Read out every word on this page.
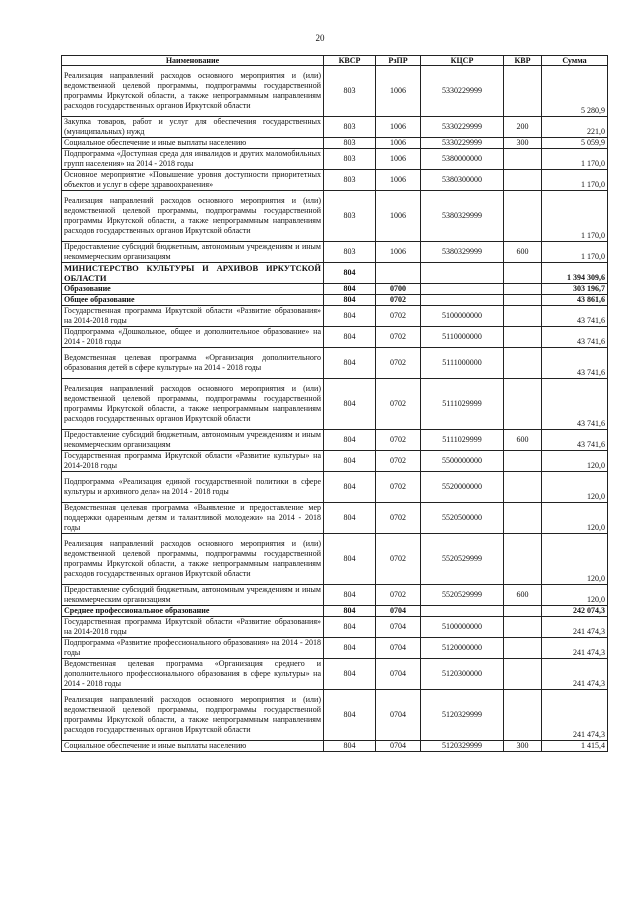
20
Наименование	КВСР	РзПР	КЦСР	КВР	Сумма
Реализация направлений расходов основного мероприятия и (или) ведомственной целевой программы, подпрограммы государственной программы Иркутской области, а также непрограммным направлениям расходов государственных органов Иркутской области	803	1006	5330229999		5 280,9
Закупка товаров, работ и услуг для обеспечения государственных (муниципальных) нужд	803	1006	5330229999	200	221,0
Социальное обеспечение и иные выплаты населению	803	1006	5330229999	300	5 059,9
Подпрограмма «Доступная среда для инвалидов и других маломобильных групп населения» на 2014 - 2018 годы	803	1006	5380000000		1 170,0
Основное мероприятие «Повышение уровня доступности приоритетных объектов и услуг в сфере здравоохранения»	803	1006	5380300000		1 170,0
Реализация направлений расходов основного мероприятия и (или) ведомственной целевой программы, подпрограммы государственной программы Иркутской области, а также непрограммным направлениям расходов государственных органов Иркутской области	803	1006	5380329999		1 170,0
Предоставление субсидий бюджетным, автономным учреждениям и иным некоммерческим организациям	803	1006	5380329999	600	1 170,0
МИНИСТЕРСТВО КУЛЬТУРЫ И АРХИВОВ ИРКУТСКОЙ ОБЛАСТИ	804				1 394 309,6
Образование	804	0700			303 196,7
Общее образование	804	0702			43 861,6
Государственная программа Иркутской области «Развитие образования» на 2014-2018 годы	804	0702	5100000000		43 741,6
Подпрограмма «Дошкольное, общее и дополнительное образование» на 2014 - 2018 годы	804	0702	5110000000		43 741,6
Ведомственная целевая программа «Организация дополнительного образования детей в сфере культуры» на 2014 - 2018 годы	804	0702	5111000000		43 741,6
Реализация направлений расходов основного мероприятия и (или) ведомственной целевой программы, подпрограммы государственной программы Иркутской области, а также непрограммным направлениям расходов государственных органов Иркутской области	804	0702	5111029999		43 741,6
Предоставление субсидий бюджетным, автономным учреждениям и иным некоммерческим организациям	804	0702	5111029999	600	43 741,6
Государственная программа Иркутской области «Развитие культуры» на 2014-2018 годы	804	0702	5500000000		120,0
Подпрограмма «Реализация единой государственной политики в сфере культуры и архивного дела» на 2014 - 2018 годы	804	0702	5520000000		120,0
Ведомственная целевая программа «Выявление и предоставление мер поддержки одаренным детям и талантливой молодежи» на 2014 - 2018 годы	804	0702	5520500000		120,0
Реализация направлений расходов основного мероприятия и (или) ведомственной целевой программы, подпрограммы государственной программы Иркутской области, а также непрограммным направлениям расходов государственных органов Иркутской области	804	0702	5520529999		120,0
Предоставление субсидий бюджетным, автономным учреждениям и иным некоммерческим организациям	804	0702	5520529999	600	120,0
Среднее профессиональное образование	804	0704			242 074,3
Государственная программа Иркутской области «Развитие образования» на 2014-2018 годы	804	0704	5100000000		241 474,3
Подпрограмма «Развитие профессионального образования» на 2014 - 2018 годы	804	0704	5120000000		241 474,3
Ведомственная целевая программа «Организация среднего и дополнительного профессионального образования в сфере культуры» на 2014 - 2018 годы	804	0704	5120300000		241 474,3
Реализация направлений расходов основного мероприятия и (или) ведомственной целевой программы, подпрограммы государственной программы Иркутской области, а также непрограммным направлениям расходов государственных органов Иркутской области	804	0704	5120329999		241 474,3
Социальное обеспечение и иные выплаты населению	804	0704	5120329999	300	1 415,4
